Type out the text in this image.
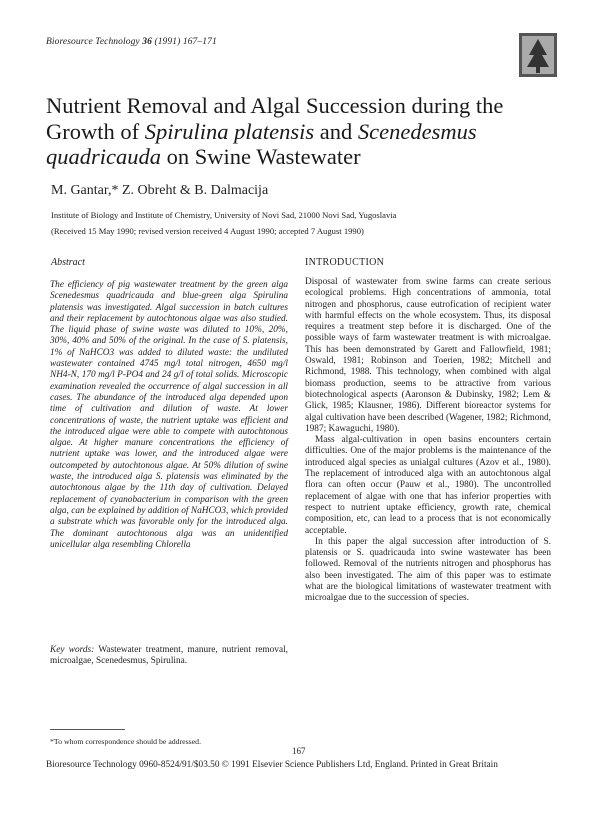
Bioresource Technology 36 (1991) 167–171
Nutrient Removal and Algal Succession during the Growth of Spirulina platensis and Scenedesmus quadricauda on Swine Wastewater
M. Gantar,* Z. Obreht & B. Dalmacija
Institute of Biology and Institute of Chemistry, University of Novi Sad, 21000 Novi Sad, Yugoslavia
(Received 15 May 1990; revised version received 4 August 1990; accepted 7 August 1990)
Abstract
The efficiency of pig wastewater treatment by the green alga Scenedesmus quadricauda and blue-green alga Spirulina platensis was investigated. Algal succession in batch cultures and their replacement by autochtonous algae was also studied. The liquid phase of swine waste was diluted to 10%, 20%, 30%, 40% and 50% of the original. In the case of S. platensis, 1% of NaHCO3 was added to diluted waste: the undiluted wastewater contained 4745 mg/l total nitrogen, 4650 mg/l NH4-N, 170 mg/l P-PO4 and 24 g/l of total solids. Microscopic examination revealed the occurrence of algal succession in all cases. The abundance of the introduced alga depended upon time of cultivation and dilution of waste. At lower concentrations of waste, the nutrient uptake was efficient and the introduced algae were able to compete with autochtonous algae. At higher manure concentrations the efficiency of nutrient uptake was lower, and the introduced algae were outcompeted by autochtonous algae. At 50% dilution of swine waste, the introduced alga S. platensis was eliminated by the autochtonous algae by the 11th day of cultivation. Delayed replacement of cyanobacterium in comparison with the green alga, can be explained by addition of NaHCO3, which provided a substrate which was favorable only for the introduced alga. The dominant autochtonous alga was an unidentified unicellular alga resembling Chlorella
Key words: Wastewater treatment, manure, nutrient removal, microalgae, Scenedesmus, Spirulina.
INTRODUCTION

Disposal of wastewater from swine farms can create serious ecological problems. High concentrations of ammonia, total nitrogen and phosphorus, cause eutrofication of recipient water with harmful effects on the whole ecosystem. Thus, its disposal requires a treatment step before it is discharged. One of the possible ways of farm wastewater treatment is with microalgae. This has been demonstrated by Garett and Fallowfield, 1981; Oswald, 1981; Robinson and Toerien, 1982; Mitchell and Richmond, 1988. This technology, when combined with algal biomass production, seems to be attractive from various biotechnological aspects (Aaronson & Dubinsky, 1982; Lem & Glick, 1985; Klausner, 1986). Different bioreactor systems for algal cultivation have been described (Wagener, 1982; Richmond, 1987; Kawaguchi, 1980).

Mass algal-cultivation in open basins encounters certain difficulties. One of the major problems is the maintenance of the introduced algal species as unialgal cultures (Azov et al., 1980). The replacement of introduced alga with an autochtonous algal flora can often occur (Pauw et al., 1980). The uncontrolled replacement of algae with one that has inferior properties with respect to nutrient uptake efficiency, growth rate, chemical composition, etc, can lead to a process that is not economically acceptable.

In this paper the algal succession after introduction of S. platensis or S. quadricauda into swine wastewater has been followed. Removal of the nutrients nitrogen and phosphorus has also been investigated. The aim of this paper was to estimate what are the biological limitations of wastewater treatment with microalgae due to the succession of species.

*To whom correspondence should be addressed.
167
Bioresource Technology 0960-8524/91/$03.50 © 1991 Elsevier Science Publishers Ltd, England. Printed in Great Britain
